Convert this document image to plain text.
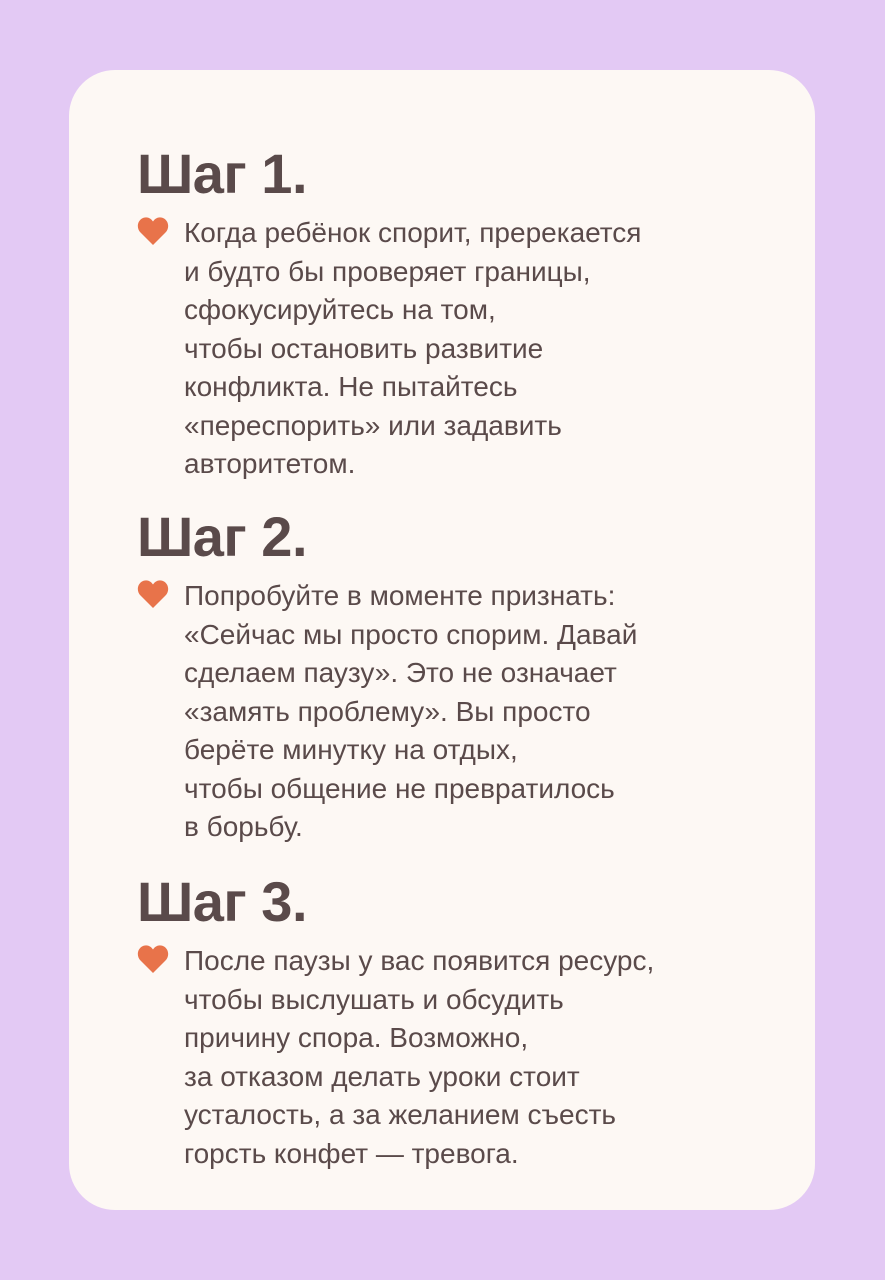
Шаг 1.

Когда ребёнок спорит, пререкается
и будто бы проверяет границы,
сфокусируйтесь на том,
чтобы остановить развитие
конфликта. Не пытайтесь
«переспорить» или задавить
авторитетом.

Шаг 2.

Попробуйте в моменте признать:
«Сейчас мы просто спорим. Давай
сделаем паузу». Это не означает
«замять проблему». Вы просто
берёте минутку на отдых,
чтобы общение не превратилось
в борьбу.

Шаг 3.

После паузы у вас появится ресурс,
чтобы выслушать и обсудить
причину спора. Возможно,
за отказом делать уроки стоит
усталость, а за желанием съесть
горсть конфет — тревога.
